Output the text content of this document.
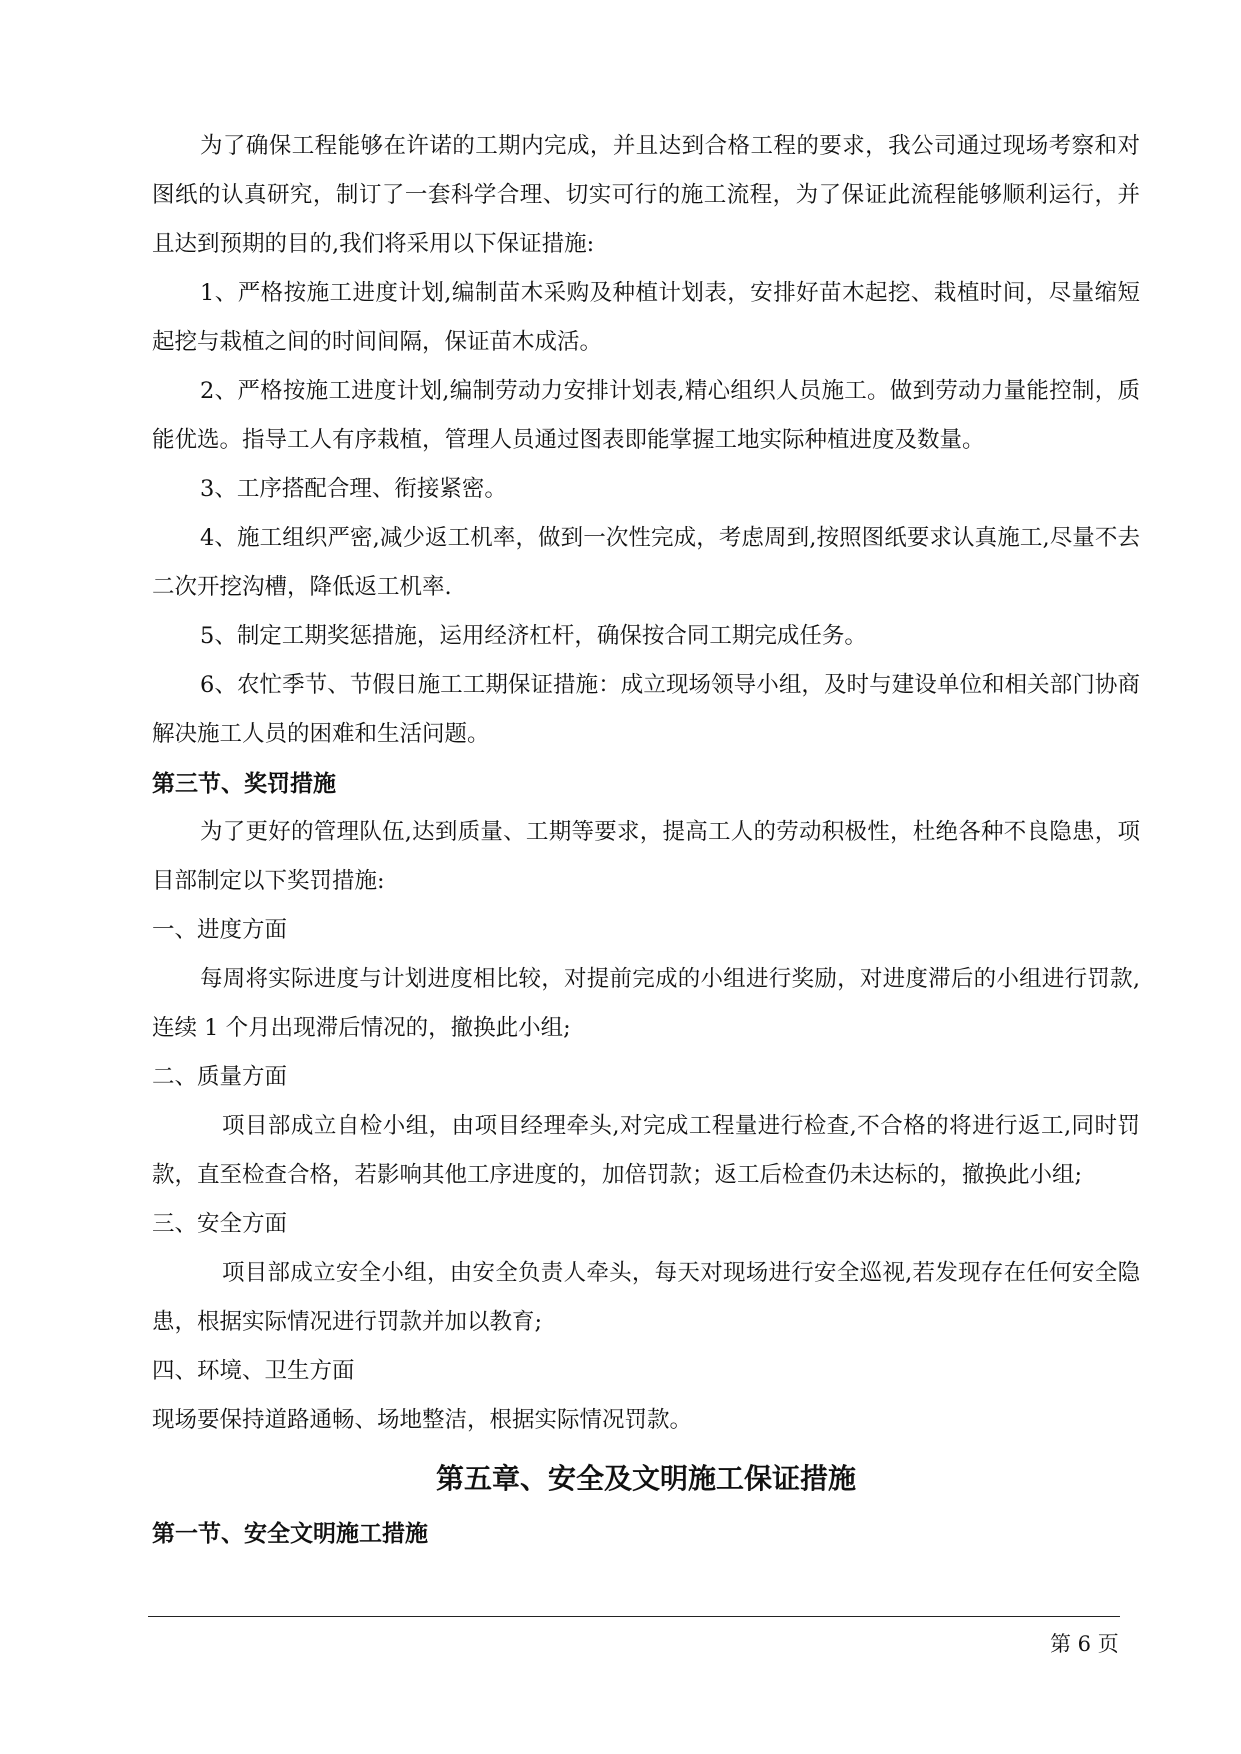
为了确保工程能够在许诺的工期内完成，并且达到合格工程的要求，我公司通过现场考察和对图纸的认真研究，制订了一套科学合理、切实可行的施工流程，为了保证此流程能够顺利运行，并且达到预期的目的,我们将采用以下保证措施:

1、严格按施工进度计划,编制苗木采购及种植计划表，安排好苗木起挖、栽植时间，尽量缩短起挖与栽植之间的时间间隔，保证苗木成活。

2、严格按施工进度计划,编制劳动力安排计划表,精心组织人员施工。做到劳动力量能控制，质能优选。指导工人有序栽植，管理人员通过图表即能掌握工地实际种植进度及数量。

3、工序搭配合理、衔接紧密。

4、施工组织严密,减少返工机率，做到一次性完成，考虑周到,按照图纸要求认真施工,尽量不去二次开挖沟槽，降低返工机率.

5、制定工期奖惩措施，运用经济杠杆，确保按合同工期完成任务。

6、农忙季节、节假日施工工期保证措施：成立现场领导小组，及时与建设单位和相关部门协商解决施工人员的困难和生活问题。

第三节、奖罚措施

为了更好的管理队伍,达到质量、工期等要求，提高工人的劳动积极性，杜绝各种不良隐患，项目部制定以下奖罚措施:

一、进度方面

每周将实际进度与计划进度相比较，对提前完成的小组进行奖励，对进度滞后的小组进行罚款,连续 1 个月出现滞后情况的，撤换此小组;

二、质量方面

项目部成立自检小组，由项目经理牵头,对完成工程量进行检查,不合格的将进行返工,同时罚款，直至检查合格，若影响其他工序进度的，加倍罚款；返工后检查仍未达标的，撤换此小组;

三、安全方面

项目部成立安全小组，由安全负责人牵头，每天对现场进行安全巡视,若发现存在任何安全隐患，根据实际情况进行罚款并加以教育;

四、环境、卫生方面

现场要保持道路通畅、场地整洁，根据实际情况罚款。

第五章、安全及文明施工保证措施

第一节、安全文明施工措施

第 6 页
